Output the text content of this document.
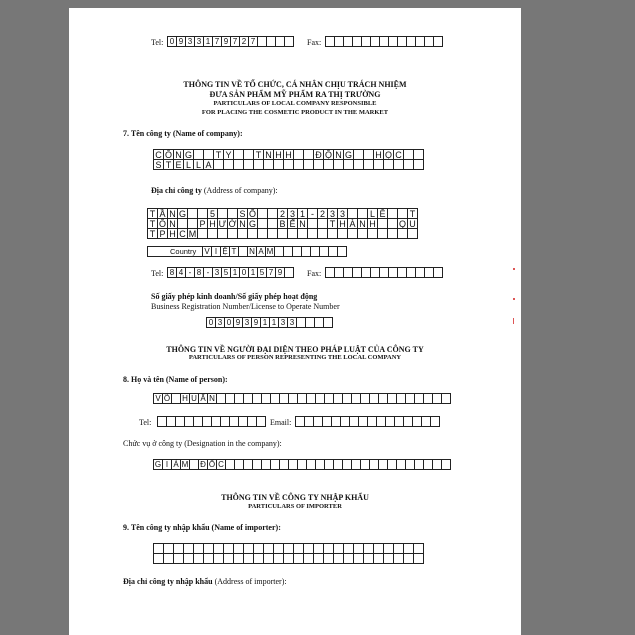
Tel: 0 9 3 3 1 7 9 7 2 7	Fax:
THÔNG TIN VỀ TỔ CHỨC, CÁ NHÂN CHỊU TRÁCH NHIỆM
ĐƯA SẢN PHẨM MỸ PHẨM RA THỊ TRƯỜNG
PARTICULARS OF LOCAL COMPANY RESPONSIBLE
FOR PLACING THE COSMETIC PRODUCT IN THE MARKET
7. Tên công ty (Name of company):
C Ô N G	T Y	T N H H	Đ Ộ N G	H Ọ C
S T E L L A
Địa chỉ công ty (Address of company):
T Ầ N G	5	S Ố	2 3 1 - 2 3 3	L Ê	T
T Ô N	P H Ư Ờ N G	B Ế N	T H À N H	Q U
T P H C M
Country	V I Ệ T	N A M
Tel: 8 4 - 8 - 3 5 1 0 1 5 7 9	Fax:
Số giấy phép kinh doanh/Số giấy phép hoạt động
Business Registration Number/License to Operate Number
0 3 0 9 3 9 1 1 3 3
THÔNG TIN VỀ NGƯỜI ĐẠI DIỆN THEO PHÁP LUẬT CỦA CÔNG TY
PARTICULARS OF PERSON REPRESENTING THE LOCAL COMPANY
8. Họ và tên (Name of person):
V Õ H U Ấ N
Tel:	Email:
Chức vụ ở công ty (Designation in the company):
G I Á M Đ Ố C
THÔNG TIN VỀ CÔNG TY NHẬP KHẨU
PARTICULARS OF IMPORTER
9. Tên công ty nhập khẩu (Name of importer):
Địa chỉ công ty nhập khẩu (Address of importer):
